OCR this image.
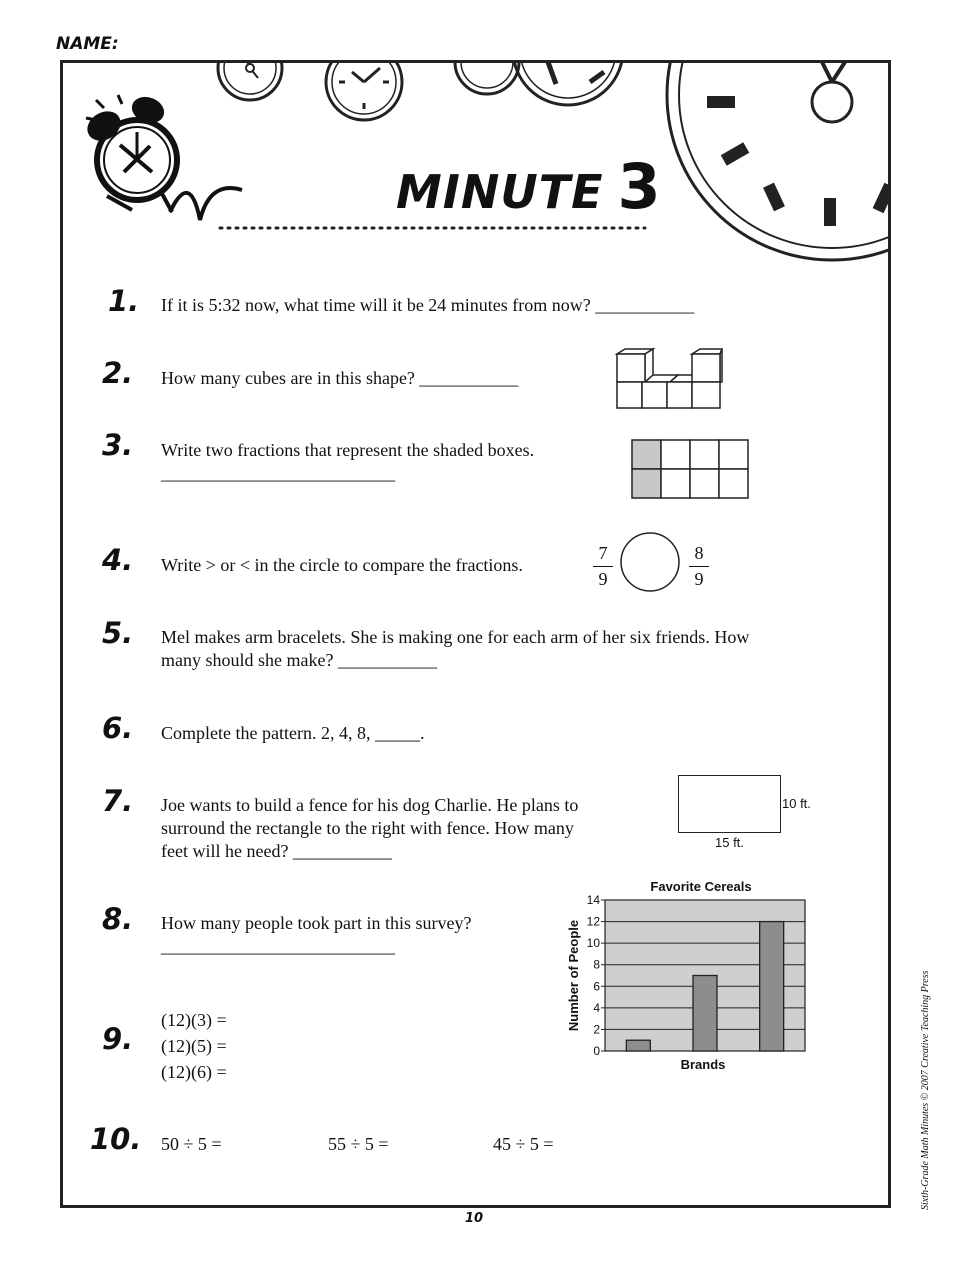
NAME:
MINUTE 3
1.
2.
3.
4.
5.
6.
7.
8.
9.
10.
If it is 5:32 now, what time will it be 24 minutes from now? ___________
How many cubes are in this shape? ___________
Write two fractions that represent the shaded boxes.
__________________________
Write > or < in the circle to compare the fractions.
Mel makes arm bracelets. She is making one for each arm of her six friends. How
many should she make? ___________
Complete the pattern. 2, 4, 8, _____.
Joe wants to build a fence for his dog Charlie. He plans to
surround the rectangle to the right with fence. How many
feet will he need? ___________
How many people took part in this survey?
__________________________
(12)(3) =
(12)(5) =
(12)(6) =
50 ÷ 5 =	55 ÷ 5 =	45 ÷ 5 =
$\frac{7}{9}$	$\frac{8}{9}$
10 ft.
15 ft.
0
2
4
6
8
10
12
14
Favorite Cereals
Brands
Number of People
10
Sixth-Grade Math Minutes © 2007 Creative Teaching Press
